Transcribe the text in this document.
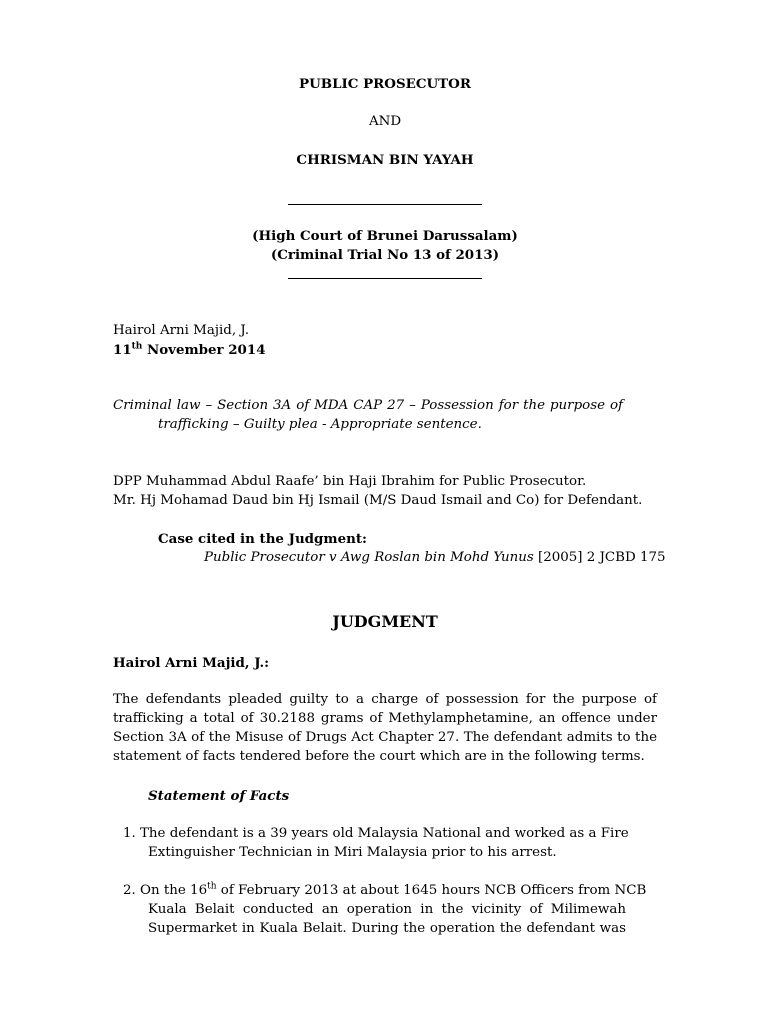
PUBLIC PROSECUTOR
AND
CHRISMAN BIN YAYAH
(High Court of Brunei Darussalam)
(Criminal Trial No 13 of 2013)
Hairol Arni Majid, J.
11th November 2014
Criminal law – Section 3A of MDA CAP 27 – Possession for the purpose of
trafficking – Guilty plea - Appropriate sentence.
DPP Muhammad Abdul Raafe’ bin Haji Ibrahim for Public Prosecutor.
Mr. Hj Mohamad Daud bin Hj Ismail (M/S Daud Ismail and Co) for Defendant.
Case cited in the Judgment:
Public Prosecutor v Awg Roslan bin Mohd Yunus [2005] 2 JCBD 175
JUDGMENT
Hairol Arni Majid, J.:
The defendants pleaded guilty to a charge of possession for the purpose of
trafficking a total of 30.2188 grams of Methylamphetamine, an offence under
Section 3A of the Misuse of Drugs Act Chapter 27. The defendant admits to the
statement of facts tendered before the court which are in the following terms.
Statement of Facts
1. The defendant is a 39 years old Malaysia National and worked as a Fire
Extinguisher Technician in Miri Malaysia prior to his arrest.
2. On the 16th of February 2013 at about 1645 hours NCB Officers from NCB
Kuala Belait conducted an operation in the vicinity of Milimewah
Supermarket in Kuala Belait. During the operation the defendant was
